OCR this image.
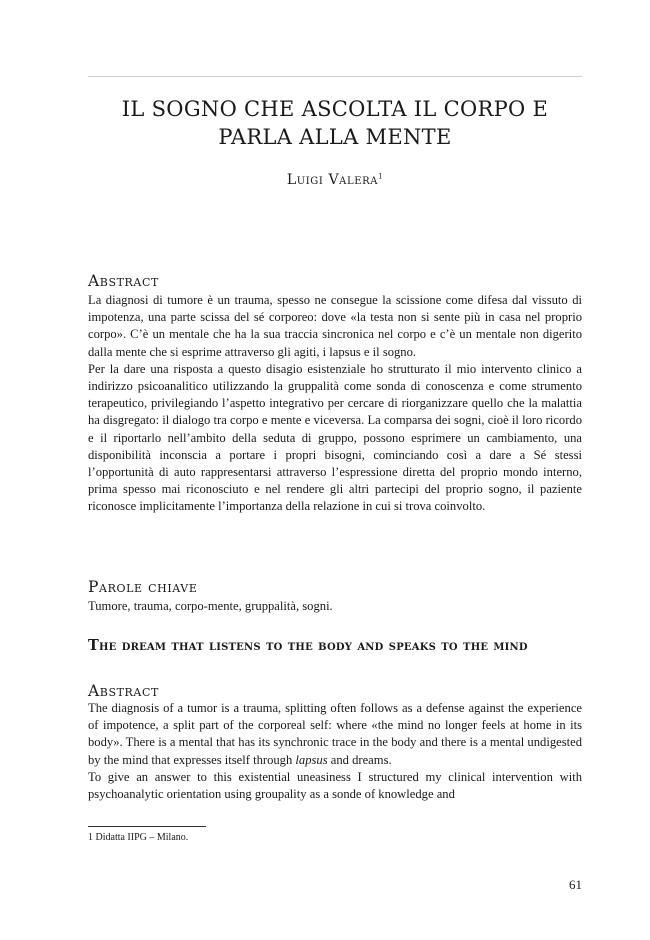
IL SOGNO CHE ASCOLTA IL CORPO E
PARLA ALLA MENTE
Luigi Valera$^1$
Abstract

La diagnosi di tumore è un trauma, spesso ne consegue la scissione come difesa dal vissuto di impotenza, una parte scissa del sé corporeo: dove «la testa non si sente più in casa nel proprio corpo». C’è un mentale che ha la sua traccia sincronica nel corpo e c’è un mentale non digerito dalla mente che si esprime attraverso gli agiti, i lapsus e il sogno.

Per la dare una risposta a questo disagio esistenziale ho strutturato il mio intervento clinico a indirizzo psicoanalitico utilizzando la gruppalità come sonda di conoscenza e come strumento terapeutico, privilegiando l’aspetto integrativo per cercare di riorganizzare quello che la malattia ha disgregato: il dialogo tra corpo e mente e viceversa. La comparsa dei sogni, cioè il loro ricordo e il riportarlo nell’ambito della seduta di gruppo, possono esprimere un cambiamento, una disponibilità inconscia a portare i propri bisogni, cominciando così a dare a Sé stessi l’opportunità di auto rappresentarsi attraverso l’espressione diretta del proprio mondo interno, prima spesso mai riconosciuto e nel rendere gli altri partecipi del proprio sogno, il paziente riconosce implicitamente l’importanza della relazione in cui si trova coinvolto.

Parole chiave

Tumore, trauma, corpo-mente, gruppalità, sogni.

The dream that listens to the body and speaks to the mind
Abstract

The diagnosis of a tumor is a trauma, splitting often follows as a defense against the experience of impotence, a split part of the corporeal self: where «the mind no longer feels at home in its body». There is a mental that has its synchronic trace in the body and there is a mental undigested by the mind that expresses itself through lapsus and dreams.

To give an answer to this existential uneasiness I structured my clinical intervention with psychoanalytic orientation using groupality as a sonde of knowledge and

1 Didatta IIPG – Milano.
61
